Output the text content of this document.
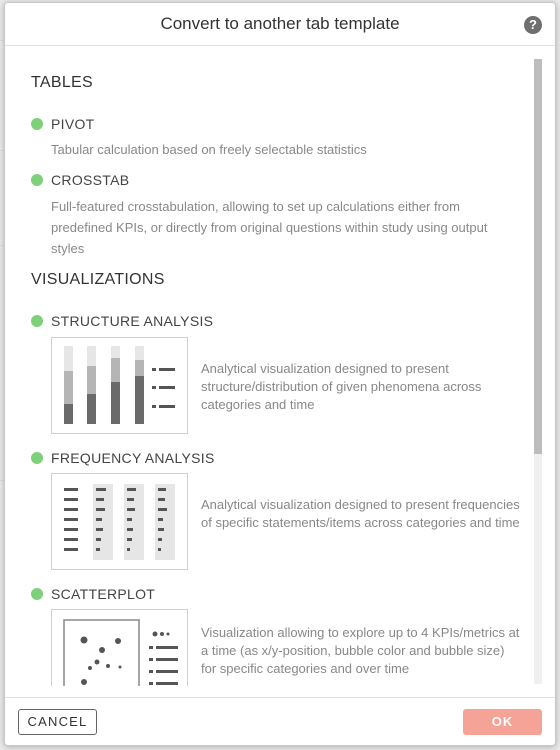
Convert to another tab template	?
TABLES
PIVOT
Tabular calculation based on freely selectable statistics
CROSSTAB
Full-featured crosstabulation, allowing to set up calculations either from predefined KPIs, or directly from original questions within study using output styles
VISUALIZATIONS
STRUCTURE ANALYSIS
Analytical visualization designed to present structure/distribution of given phenomena across categories and time
FREQUENCY ANALYSIS
Analytical visualization designed to present frequencies of specific statements/items across categories and time
SCATTERPLOT
Visualization allowing to explore up to 4 KPIs/metrics at a time (as x/y-position, bubble color and bubble size) for specific categories and over time
CANCEL	OK
